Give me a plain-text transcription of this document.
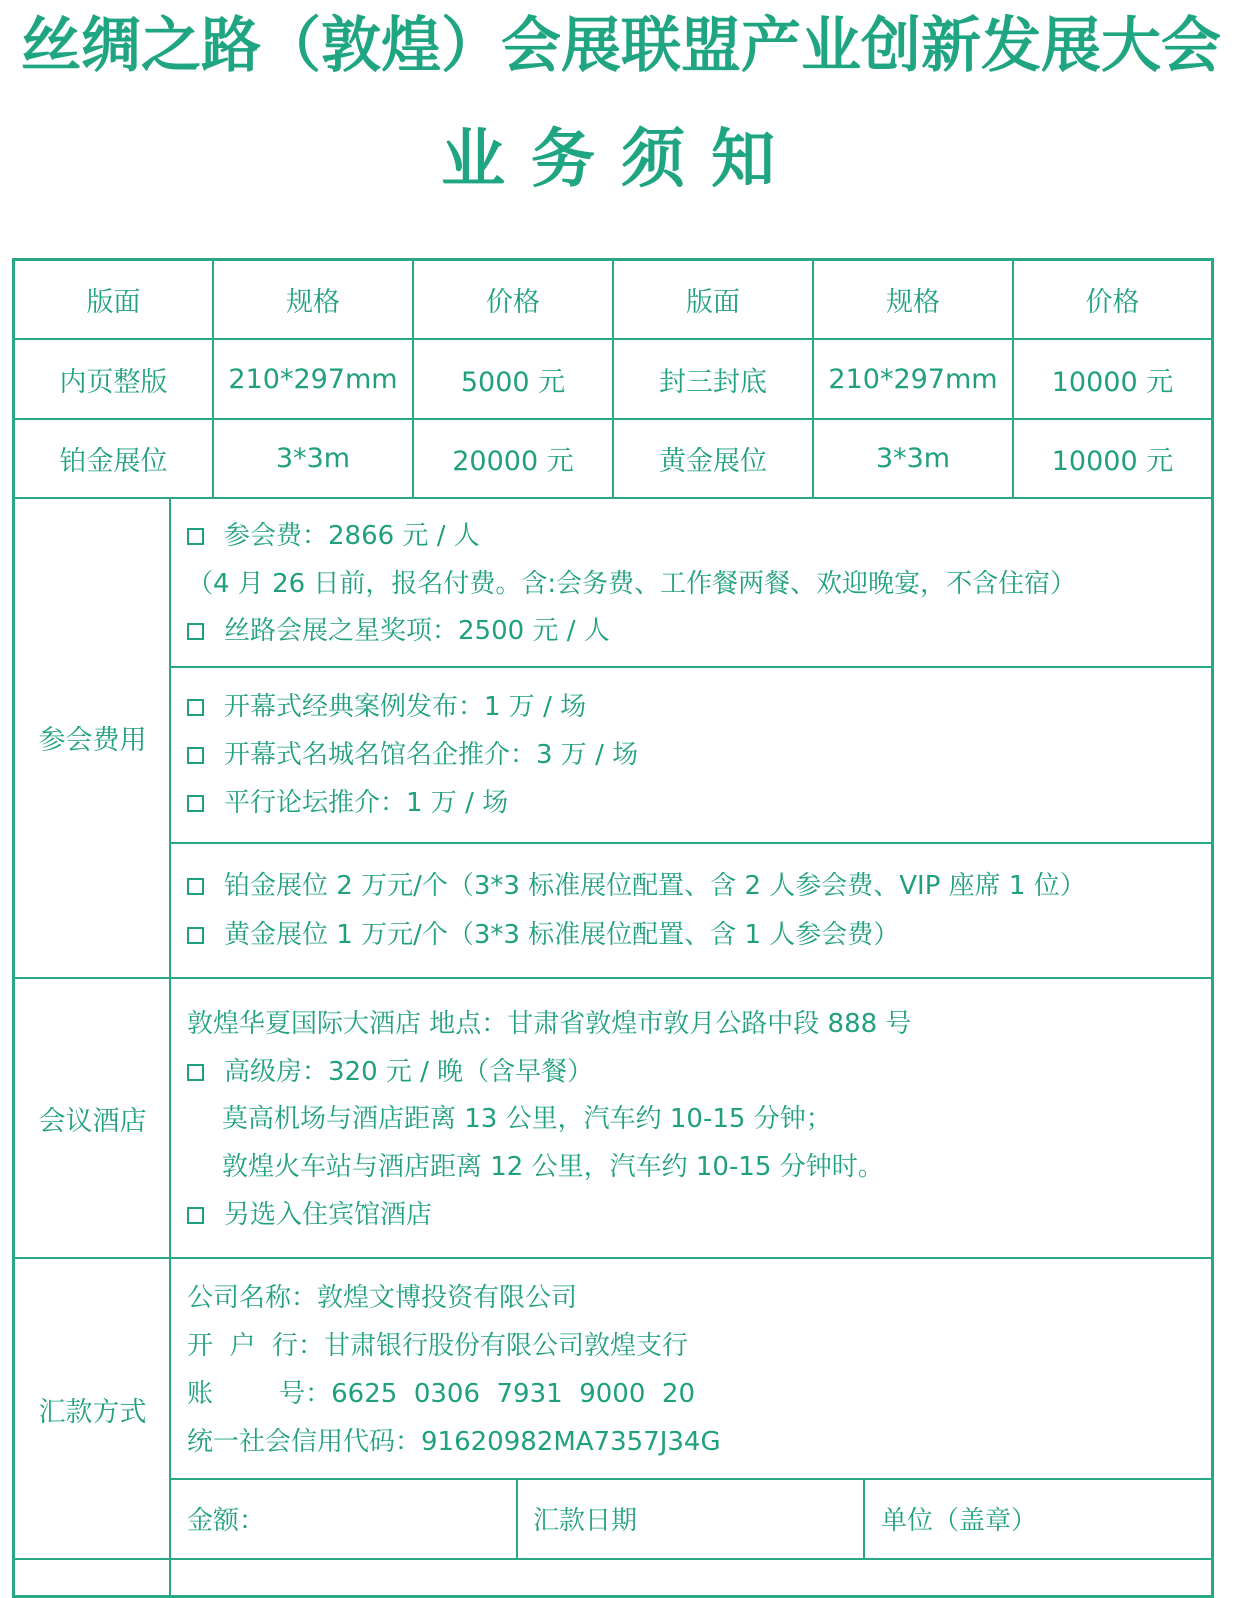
丝绸之路（敦煌）会展联盟产业创新发展大会
业务须知
版面	规格	价格	版面	规格	价格
内页整版	210*297mm	5000 元	封三封底	210*297mm	10000 元
铂金展位	3*3m	20000 元	黄金展位	3*3m	10000 元
参会费用
参会费：2866 元 / 人
（4 月 26 日前，报名付费。含:会务费、工作餐两餐、欢迎晚宴，不含住宿）
丝路会展之星奖项：2500 元 / 人
开幕式经典案例发布：1 万 / 场
开幕式名城名馆名企推介：3 万 / 场
平行论坛推介：1 万 / 场
铂金展位 2 万元/个（3*3 标准展位配置、含 2 人参会费、VIP 座席 1 位）
黄金展位 1 万元/个（3*3 标准展位配置、含 1 人参会费）
会议酒店
敦煌华夏国际大酒店 地点：甘肃省敦煌市敦月公路中段 888 号
高级房：320 元 / 晚（含早餐）
莫高机场与酒店距离 13 公里，汽车约 10-15 分钟；
敦煌火车站与酒店距离 12 公里，汽车约 10-15 分钟时。
另选入住宾馆酒店
汇款方式
公司名称：敦煌文博投资有限公司
开  户  行：甘肃银行股份有限公司敦煌支行
账        号：6625  0306  7931  9000  20
统一社会信用代码：91620982MA7357J34G
金额：	汇款日期	单位（盖章）
